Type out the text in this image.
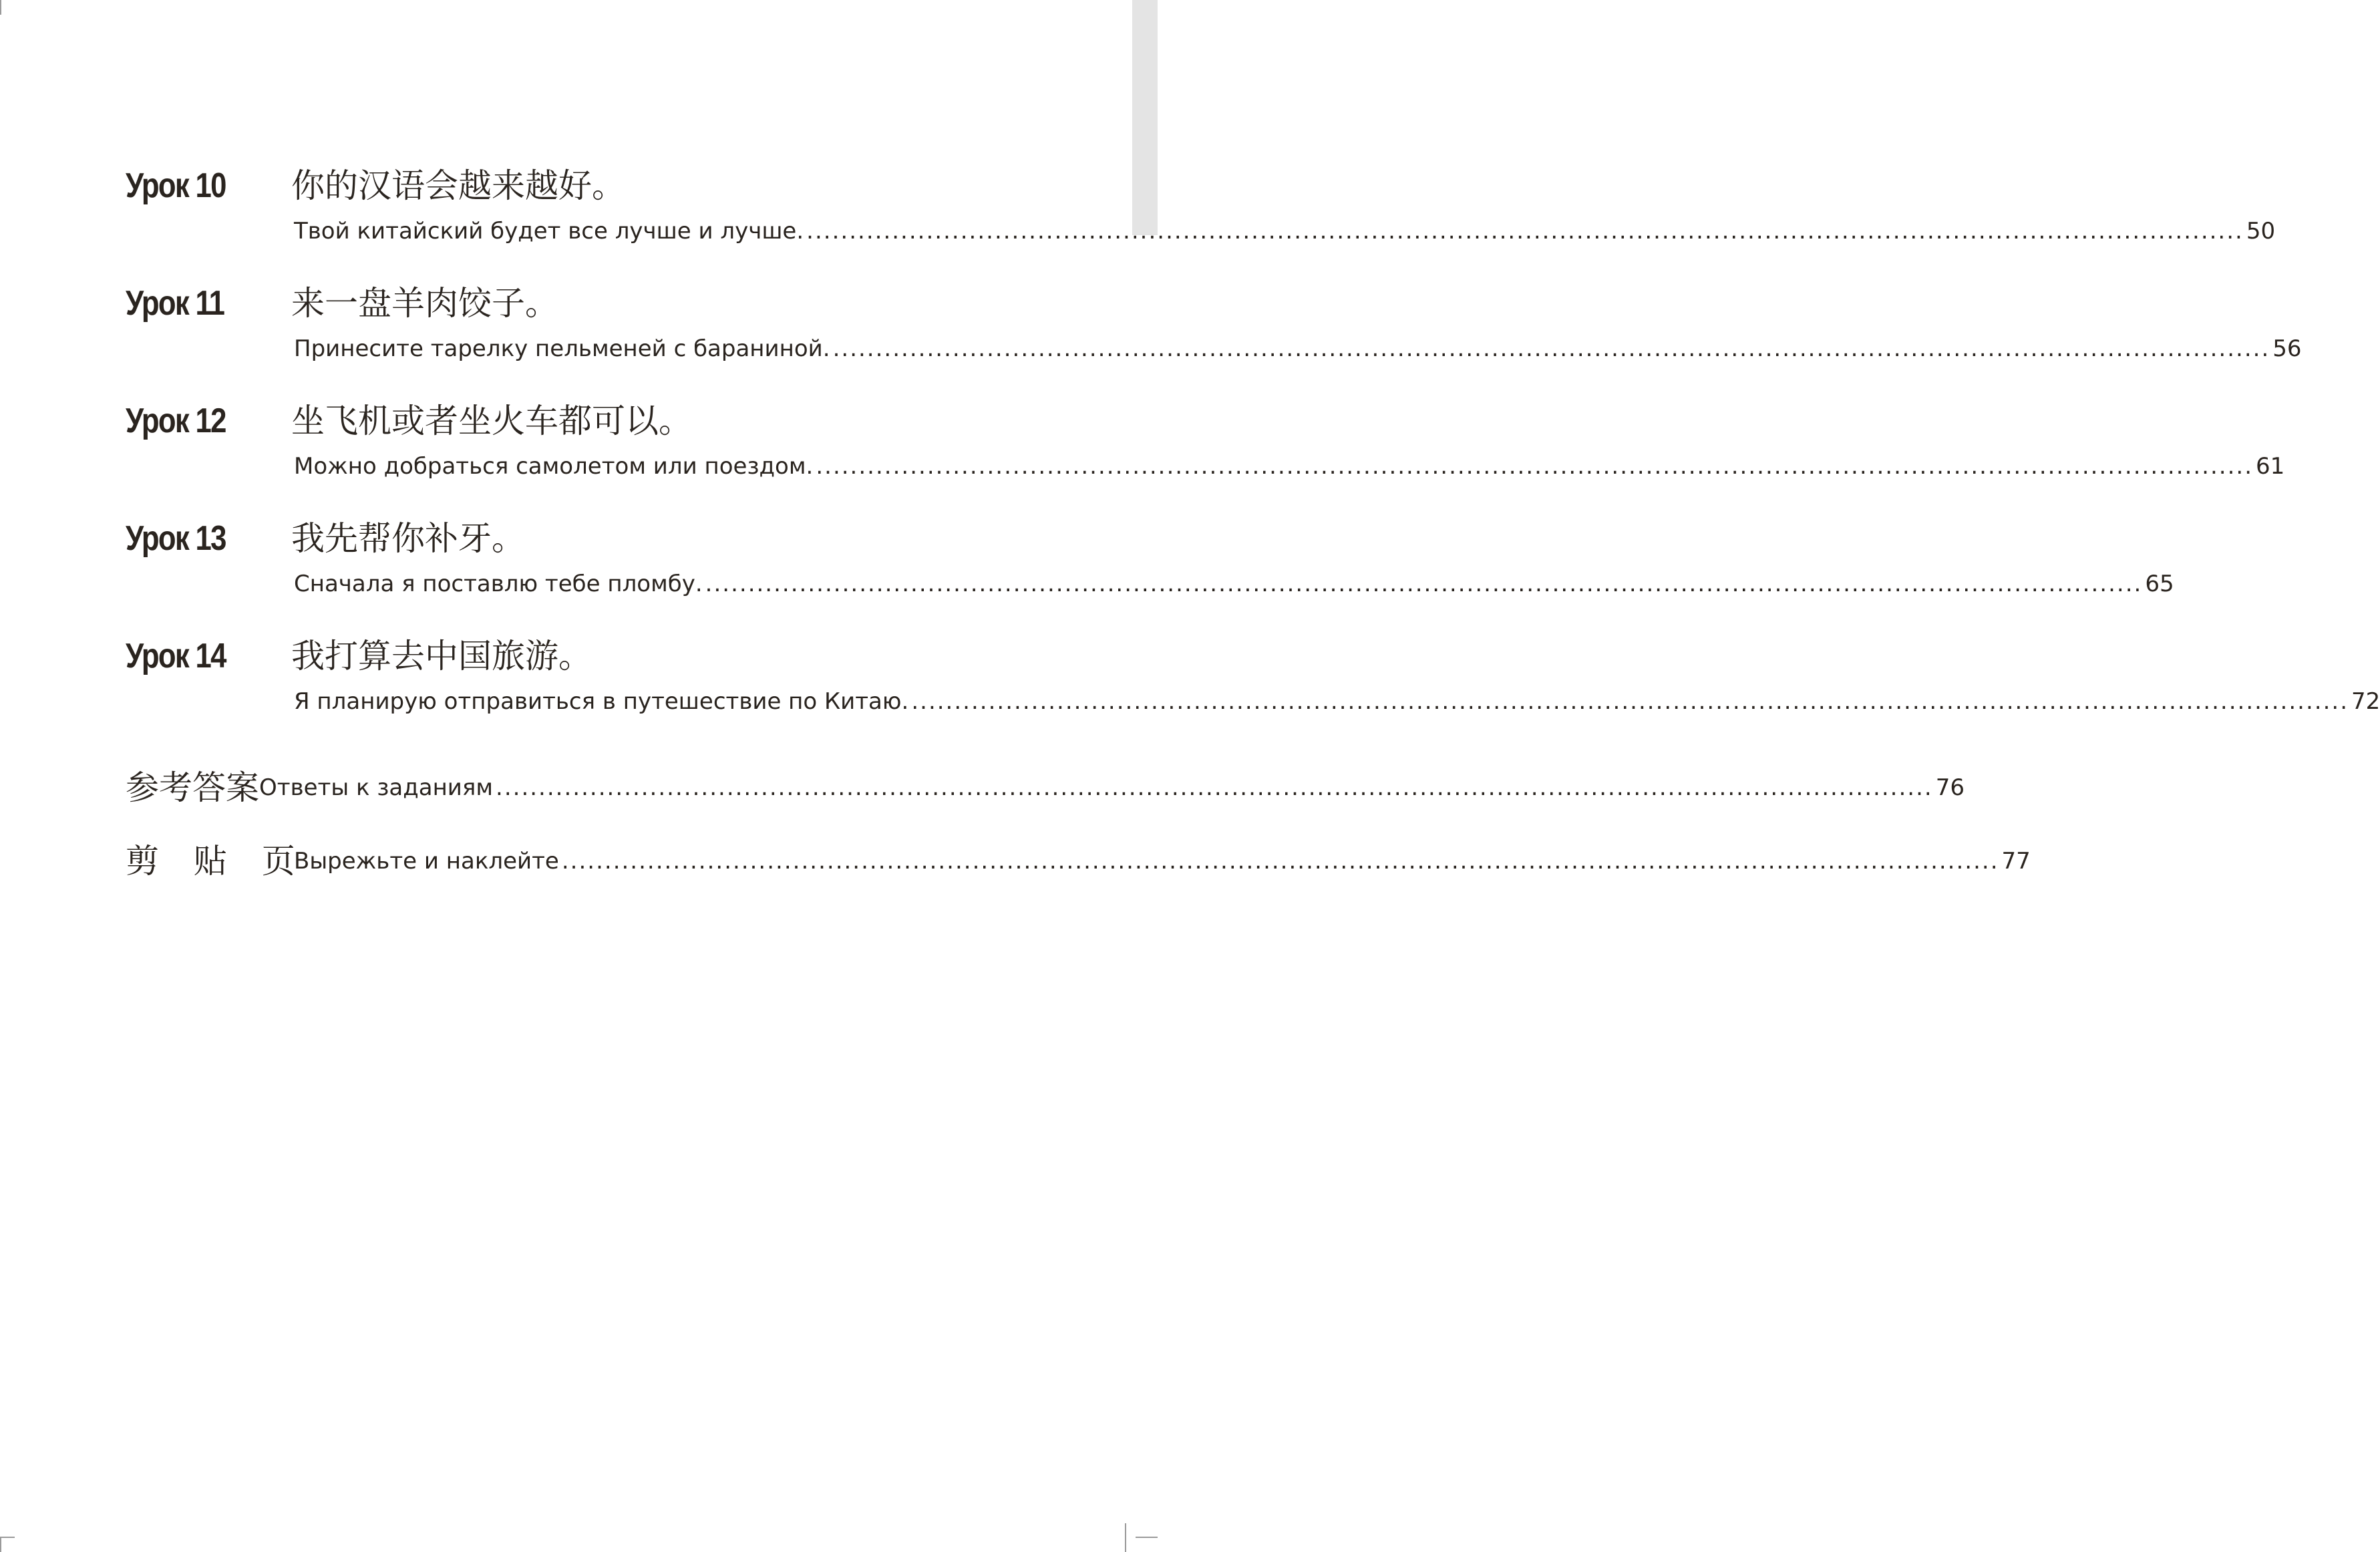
Урок 10	你的汉语会越来越好。
Твой китайский будет все лучше и лучше. .....	50
Урок 11	来一盘羊肉饺子。
Принесите тарелку пельменей с бараниной. .....	56
Урок 12	坐飞机或者坐火车都可以。
Можно добраться самолетом или поездом. .....	61
Урок 13	我先帮你补牙。
Сначала я поставлю тебе пломбу. .....	65
Урок 14	我打算去中国旅游。
Я планирую отправиться в путешествие по Китаю. .....	72
参考答案 Ответы к заданиям .....	76
剪 贴 页
Вырежьте и наклейте .....	77
